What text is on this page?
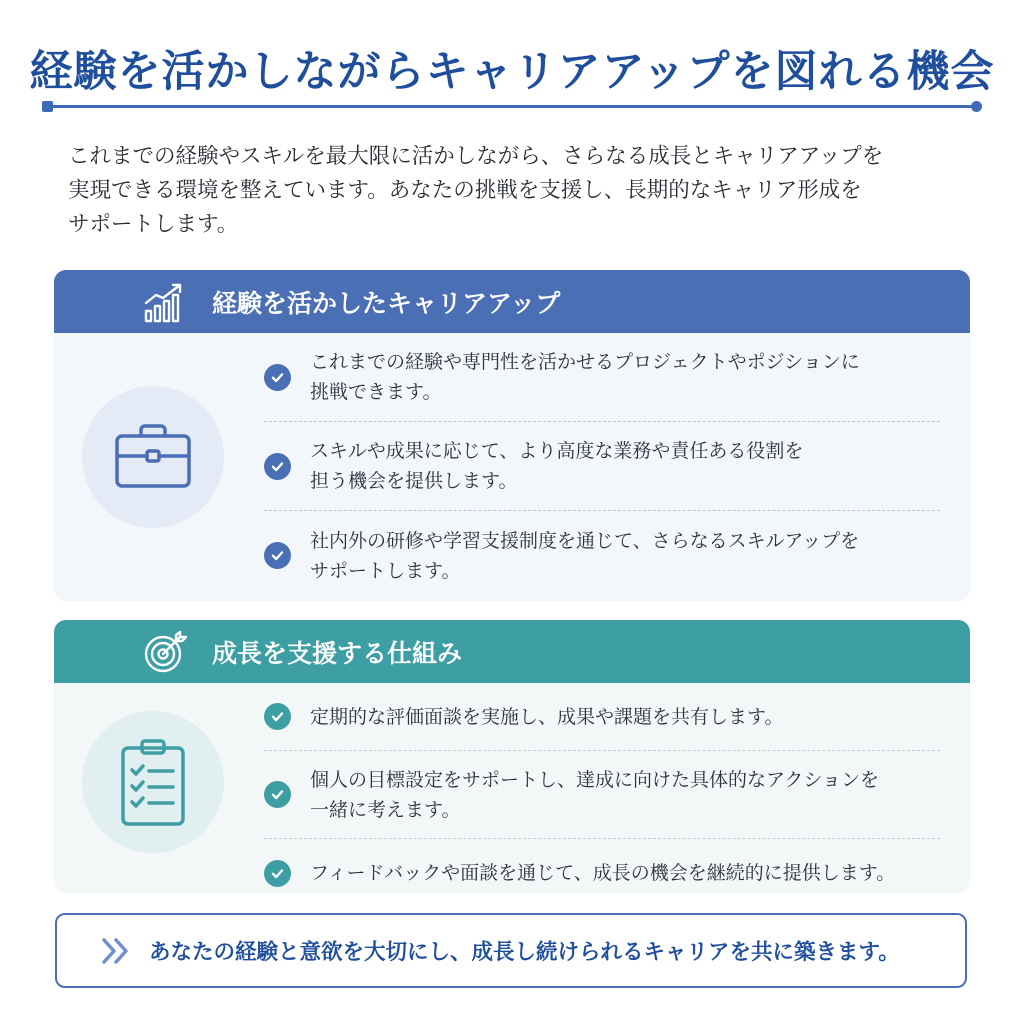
経験を活かしながらキャリアアップを図れる機会

これまでの経験やスキルを最大限に活かしながら、さらなる成長とキャリアアップを

実現できる環境を整えています。あなたの挑戦を支援し、長期的なキャリア形成を

サポートします。

経験を活かしたキャリアアップ
これまでの経験や専門性を活かせるプロジェクトやポジションに
挑戦できます。
スキルや成果に応じて、より高度な業務や責任ある役割を
担う機会を提供します。
社内外の研修や学習支援制度を通じて、さらなるスキルアップを
サポートします。
成長を支援する仕組み
定期的な評価面談を実施し、成果や課題を共有します。
個人の目標設定をサポートし、達成に向けた具体的なアクションを
一緒に考えます。
フィードバックや面談を通じて、成長の機会を継続的に提供します。
あなたの経験と意欲を大切にし、成長し続けられるキャリアを共に築きます。
